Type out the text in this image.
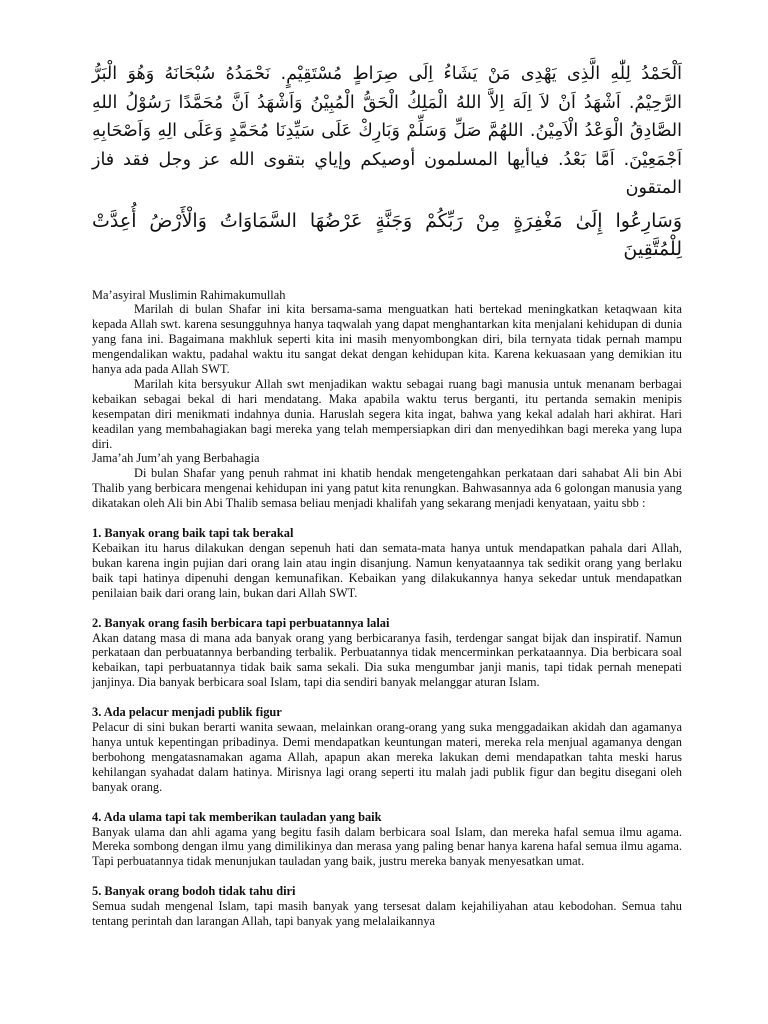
اَلْحَمْدُ لِلّٰهِ الَّذِى يَهْدِى مَنْ يَشَاءُ اِلَى صِرَاطٍ مُسْتَقِيْمٍ. نَحْمَدُهُ سُبْحَانَهُ وَهُوَ الْبَرُّ الرَّحِيْمُ. اَشْهَدُ اَنْ لاَ اِلَهَ اِلاَّ اللهُ الْمَلِكُ الْحَقُّ الْمُبِيْنُ وَاَشْهَدُ اَنَّ مُحَمَّدًا رَسُوْلُ اللهِ الصَّادِقُ الْوَعْدُ الْاَمِيْنُ. اللهُمَّ صَلِّ وَسَلِّمْ وَبَارِكْ عَلَى سَيِّدِنَا مُحَمَّدٍ وَعَلَى الِهِ وَاَصْحَابِهِ اَجْمَعِيْنَ. اَمَّا بَعْدُ. فياأيها المسلمون أوصيكم وإياي بتقوى الله عز وجل فقد فاز المتقون

وَسَارِعُوا إِلَىٰ مَغْفِرَةٍ مِنْ رَبِّكُمْ وَجَنَّةٍ عَرْضُهَا السَّمَاوَاتُ وَالْأَرْضُ أُعِدَّتْ لِلْمُتَّقِينَ

Ma’asyiral Muslimin Rahimakumullah

Marilah di bulan Shafar ini kita bersama-sama menguatkan hati bertekad meningkatkan ketaqwaan kita kepada Allah swt. karena sesungguhnya hanya taqwalah yang dapat menghantarkan kita menjalani kehidupan di dunia yang fana ini. Bagaimana makhluk seperti kita ini masih menyombongkan diri, bila ternyata tidak pernah mampu mengendalikan waktu, padahal waktu itu sangat dekat dengan kehidupan kita. Karena kekuasaan yang demikian itu hanya ada pada Allah SWT.

Marilah kita bersyukur Allah swt menjadikan waktu sebagai ruang bagi manusia untuk menanam berbagai kebaikan sebagai bekal di hari mendatang. Maka apabila waktu terus berganti, itu pertanda semakin menipis kesempatan diri menikmati indahnya dunia. Haruslah segera kita ingat, bahwa yang kekal adalah hari akhirat. Hari keadilan yang membahagiakan bagi mereka yang telah mempersiapkan diri dan menyedihkan bagi mereka yang lupa diri.

Jama’ah Jum’ah yang Berbahagia

Di bulan Shafar yang penuh rahmat ini khatib hendak mengetengahkan perkataan dari sahabat Ali bin Abi Thalib yang berbicara mengenai kehidupan ini yang patut kita renungkan. Bahwasannya ada 6 golongan manusia yang dikatakan oleh Ali bin Abi Thalib semasa beliau menjadi khalifah yang sekarang menjadi kenyataan, yaitu sbb :

1. Banyak orang baik tapi tak berakal

Kebaikan itu harus dilakukan dengan sepenuh hati dan semata-mata hanya untuk mendapatkan pahala dari Allah, bukan karena ingin pujian dari orang lain atau ingin disanjung. Namun kenyataannya tak sedikit orang yang berlaku baik tapi hatinya dipenuhi dengan kemunafikan. Kebaikan yang dilakukannya hanya sekedar untuk mendapatkan penilaian baik dari orang lain, bukan dari Allah SWT.

2. Banyak orang fasih berbicara tapi perbuatannya lalai

Akan datang masa di mana ada banyak orang yang berbicaranya fasih, terdengar sangat bijak dan inspiratif. Namun perkataan dan perbuatannya berbanding terbalik. Perbuatannya tidak mencerminkan perkataannya. Dia berbicara soal kebaikan, tapi perbuatannya tidak baik sama sekali. Dia suka mengumbar janji manis, tapi tidak pernah menepati janjinya. Dia banyak berbicara soal Islam, tapi dia sendiri banyak melanggar aturan Islam.

3. Ada pelacur menjadi publik figur

Pelacur di sini bukan berarti wanita sewaan, melainkan orang-orang yang suka menggadaikan akidah dan agamanya hanya untuk kepentingan pribadinya. Demi mendapatkan keuntungan materi, mereka rela menjual agamanya dengan berbohong mengatasnamakan agama Allah, apapun akan mereka lakukan demi mendapatkan tahta meski harus kehilangan syahadat dalam hatinya. Mirisnya lagi orang seperti itu malah jadi publik figur dan begitu disegani oleh banyak orang.

4. Ada ulama tapi tak memberikan tauladan yang baik

Banyak ulama dan ahli agama yang begitu fasih dalam berbicara soal Islam, dan mereka hafal semua ilmu agama. Mereka sombong dengan ilmu yang dimilikinya dan merasa yang paling benar hanya karena hafal semua ilmu agama. Tapi perbuatannya tidak menunjukan tauladan yang baik, justru mereka banyak menyesatkan umat.

5. Banyak orang bodoh tidak tahu diri

Semua sudah mengenal Islam, tapi masih banyak yang tersesat dalam kejahiliyahan atau kebodohan. Semua tahu tentang perintah dan larangan Allah, tapi banyak yang melalaikannya
